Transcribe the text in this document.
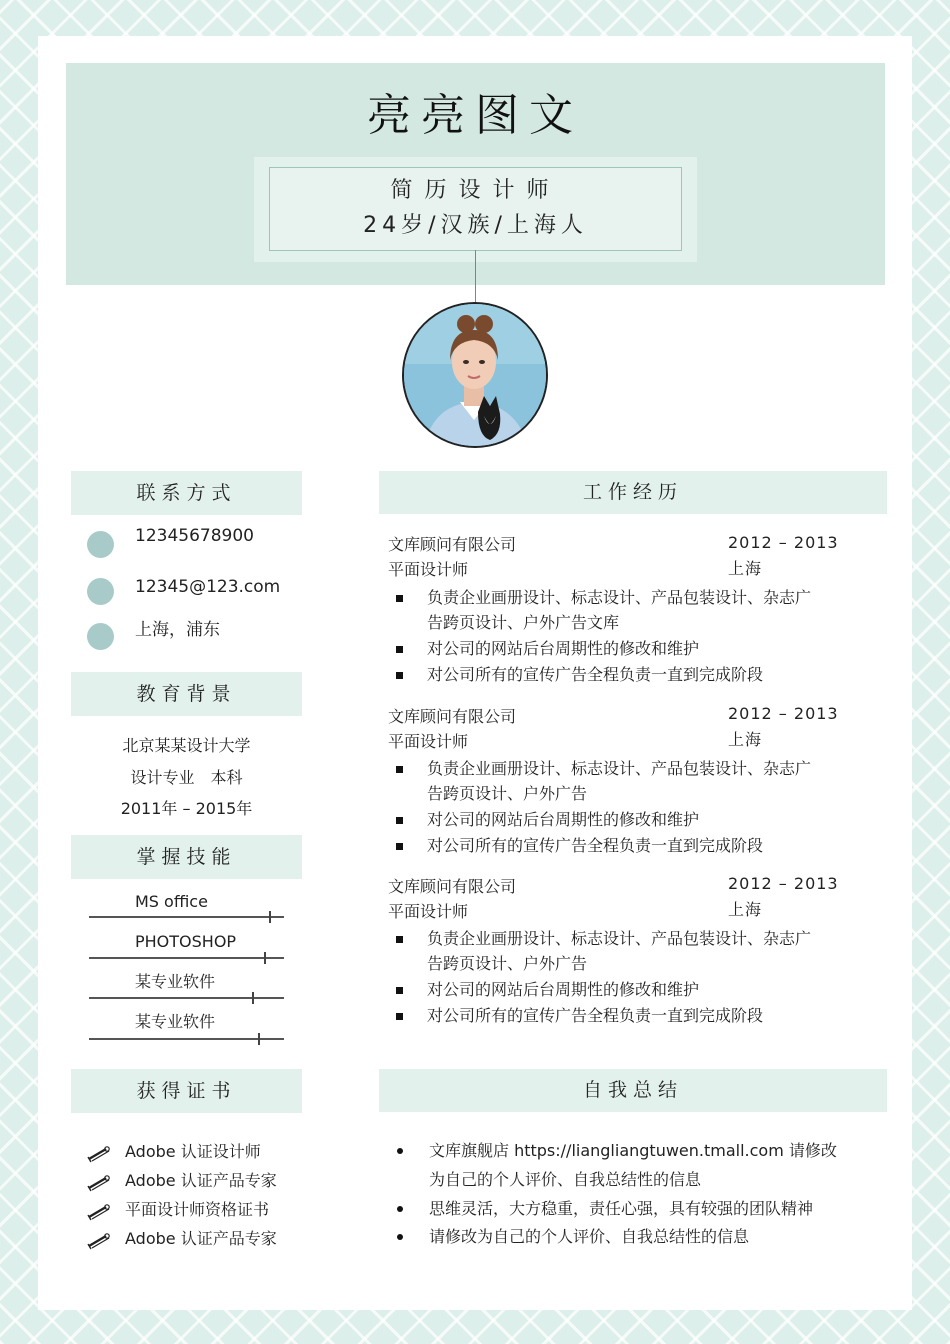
亮亮图文
简历设计师
24岁/汉族/上海人
联系方式
12345678900
12345@123.com
上海，浦东
教育背景
北京某某设计大学
设计专业　本科
2011年 – 2015年
掌握技能
MS office
PHOTOSHOP
某专业软件
某专业软件
获得证书
Adobe 认证设计师
Adobe 认证产品专家
平面设计师资格证书
Adobe 认证产品专家
工作经历
文库顾问有限公司	2012 – 2013
平面设计师	上海
负责企业画册设计、标志设计、产品包装设计、杂志广
告跨页设计、户外广告文库
对公司的网站后台周期性的修改和维护
对公司所有的宣传广告全程负责一直到完成阶段
文库顾问有限公司	2012 – 2013
平面设计师	上海
负责企业画册设计、标志设计、产品包装设计、杂志广
告跨页设计、户外广告
对公司的网站后台周期性的修改和维护
对公司所有的宣传广告全程负责一直到完成阶段
文库顾问有限公司	2012 – 2013
平面设计师	上海
负责企业画册设计、标志设计、产品包装设计、杂志广
告跨页设计、户外广告
对公司的网站后台周期性的修改和维护
对公司所有的宣传广告全程负责一直到完成阶段
自我总结
文库旗舰店 https://liangliangtuwen.tmall.com 请修改
为自己的个人评价、自我总结性的信息
思维灵活，大方稳重，责任心强，具有较强的团队精神
请修改为自己的个人评价、自我总结性的信息
